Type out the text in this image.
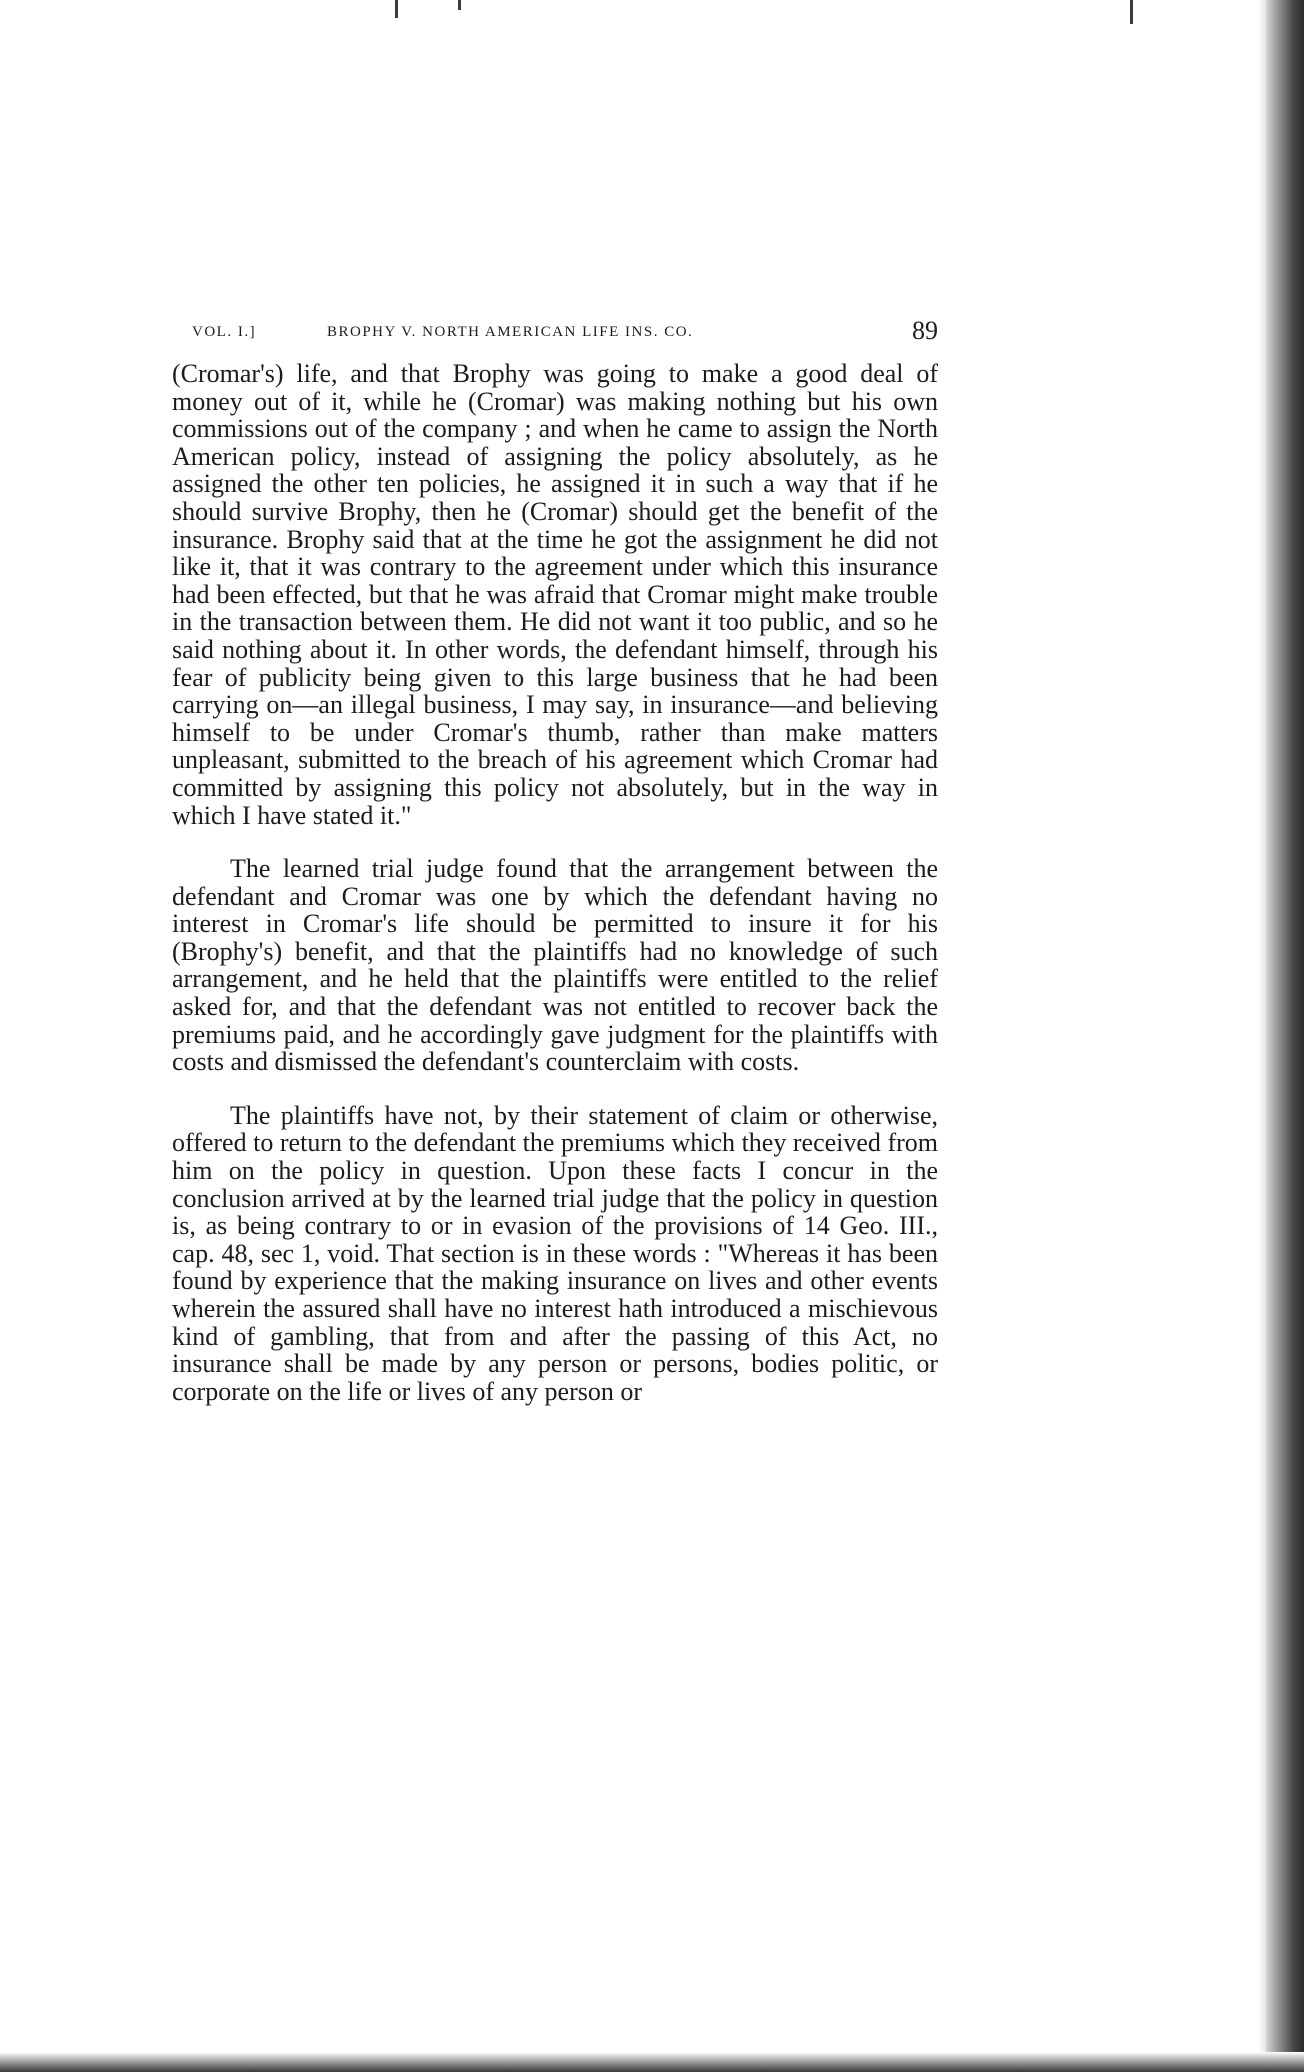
VOL. I.]	BROPHY V. NORTH AMERICAN LIFE INS. CO.	89

(Cromar's) life, and that Brophy was going to make a good deal of money out of it, while he (Cromar) was making nothing but his own commissions out of the company ; and when he came to assign the North American policy, instead of assigning the policy absolutely, as he assigned the other ten policies, he assigned it in such a way that if he should survive Brophy, then he (Cromar) should get the benefit of the insurance. Brophy said that at the time he got the assignment he did not like it, that it was contrary to the agreement under which this insurance had been effected, but that he was afraid that Cromar might make trouble in the transaction between them. He did not want it too public, and so he said nothing about it. In other words, the defendant himself, through his fear of publicity being given to this large business that he had been carrying on—an illegal business, I may say, in insurance—and believing himself to be under Cromar's thumb, rather than make matters unpleasant, submitted to the breach of his agreement which Cromar had committed by assigning this policy not absolutely, but in the way in which I have stated it."

The learned trial judge found that the arrangement between the defendant and Cromar was one by which the defendant having no interest in Cromar's life should be permitted to insure it for his (Brophy's) benefit, and that the plaintiffs had no knowledge of such arrangement, and he held that the plaintiffs were entitled to the relief asked for, and that the defendant was not entitled to recover back the premiums paid, and he accordingly gave judgment for the plaintiffs with costs and dismissed the defendant's counterclaim with costs.

The plaintiffs have not, by their statement of claim or otherwise, offered to return to the defendant the premiums which they received from him on the policy in question. Upon these facts I concur in the conclusion arrived at by the learned trial judge that the policy in question is, as being contrary to or in evasion of the provisions of 14 Geo. III., cap. 48, sec 1, void. That section is in these words : "Whereas it has been found by experience that the making insurance on lives and other events wherein the assured shall have no interest hath introduced a mischievous kind of gambling, that from and after the passing of this Act, no insurance shall be made by any person or persons, bodies politic, or corporate on the life or lives of any person or
